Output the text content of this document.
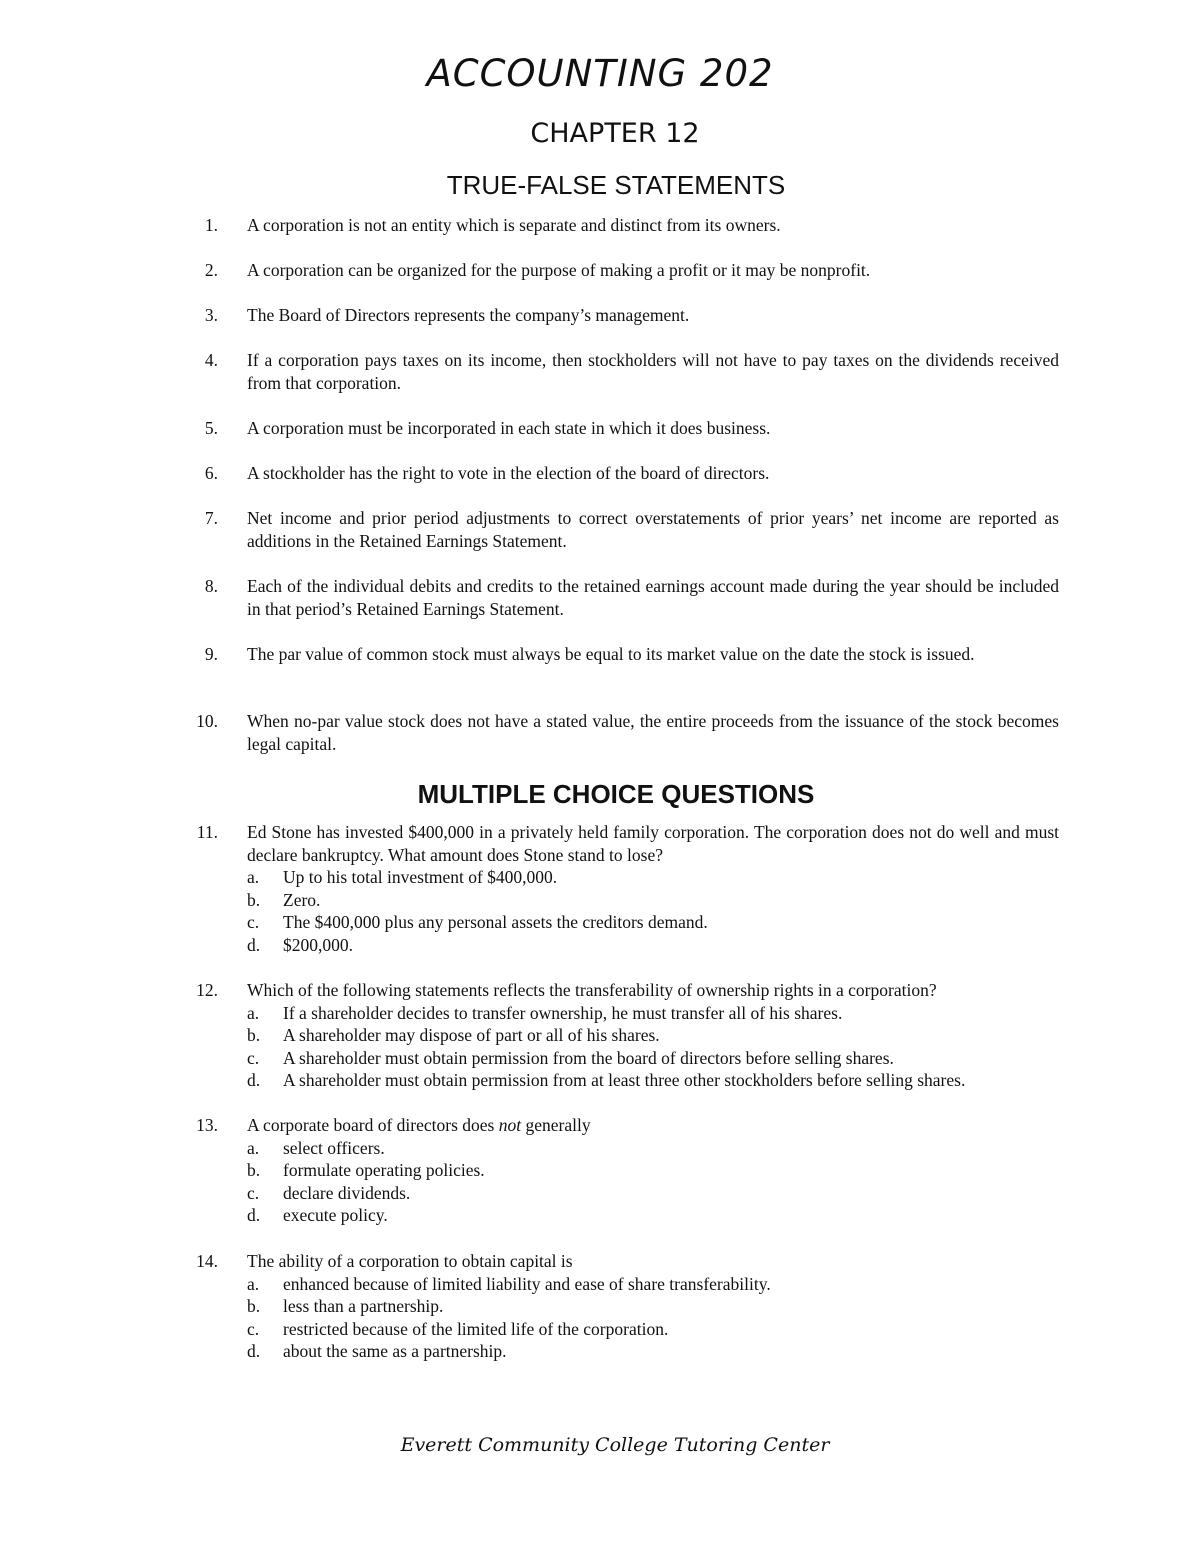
ACCOUNTING 202
CHAPTER 12
TRUE-FALSE STATEMENTS
1. A corporation is not an entity which is separate and distinct from its owners.
2. A corporation can be organized for the purpose of making a profit or it may be nonprofit.
3. The Board of Directors represents the company’s management.
4. If a corporation pays taxes on its income, then stockholders will not have to pay taxes on the dividends received from that corporation.
5. A corporation must be incorporated in each state in which it does business.
6. A stockholder has the right to vote in the election of the board of directors.
7. Net income and prior period adjustments to correct overstatements of prior years’ net income are reported as additions in the Retained Earnings Statement.
8. Each of the individual debits and credits to the retained earnings account made during the year should be included in that period’s Retained Earnings Statement.
9. The par value of common stock must always be equal to its market value on the date the stock is issued.
10. When no-par value stock does not have a stated value, the entire proceeds from the issuance of the stock becomes legal capital.
MULTIPLE CHOICE QUESTIONS
11. Ed Stone has invested $400,000 in a privately held family corporation. The corporation does not do well and must declare bankruptcy. What amount does Stone stand to lose?
a. Up to his total investment of $400,000.
b. Zero.
c. The $400,000 plus any personal assets the creditors demand.
d. $200,000.
12. Which of the following statements reflects the transferability of ownership rights in a corporation?
a. If a shareholder decides to transfer ownership, he must transfer all of his shares.
b. A shareholder may dispose of part or all of his shares.
c. A shareholder must obtain permission from the board of directors before selling shares.
d. A shareholder must obtain permission from at least three other stockholders before selling shares.
13. A corporate board of directors does not generally
a. select officers.
b. formulate operating policies.
c. declare dividends.
d. execute policy.
14. The ability of a corporation to obtain capital is
a. enhanced because of limited liability and ease of share transferability.
b. less than a partnership.
c. restricted because of the limited life of the corporation.
d. about the same as a partnership.
Everett Community College Tutoring Center
